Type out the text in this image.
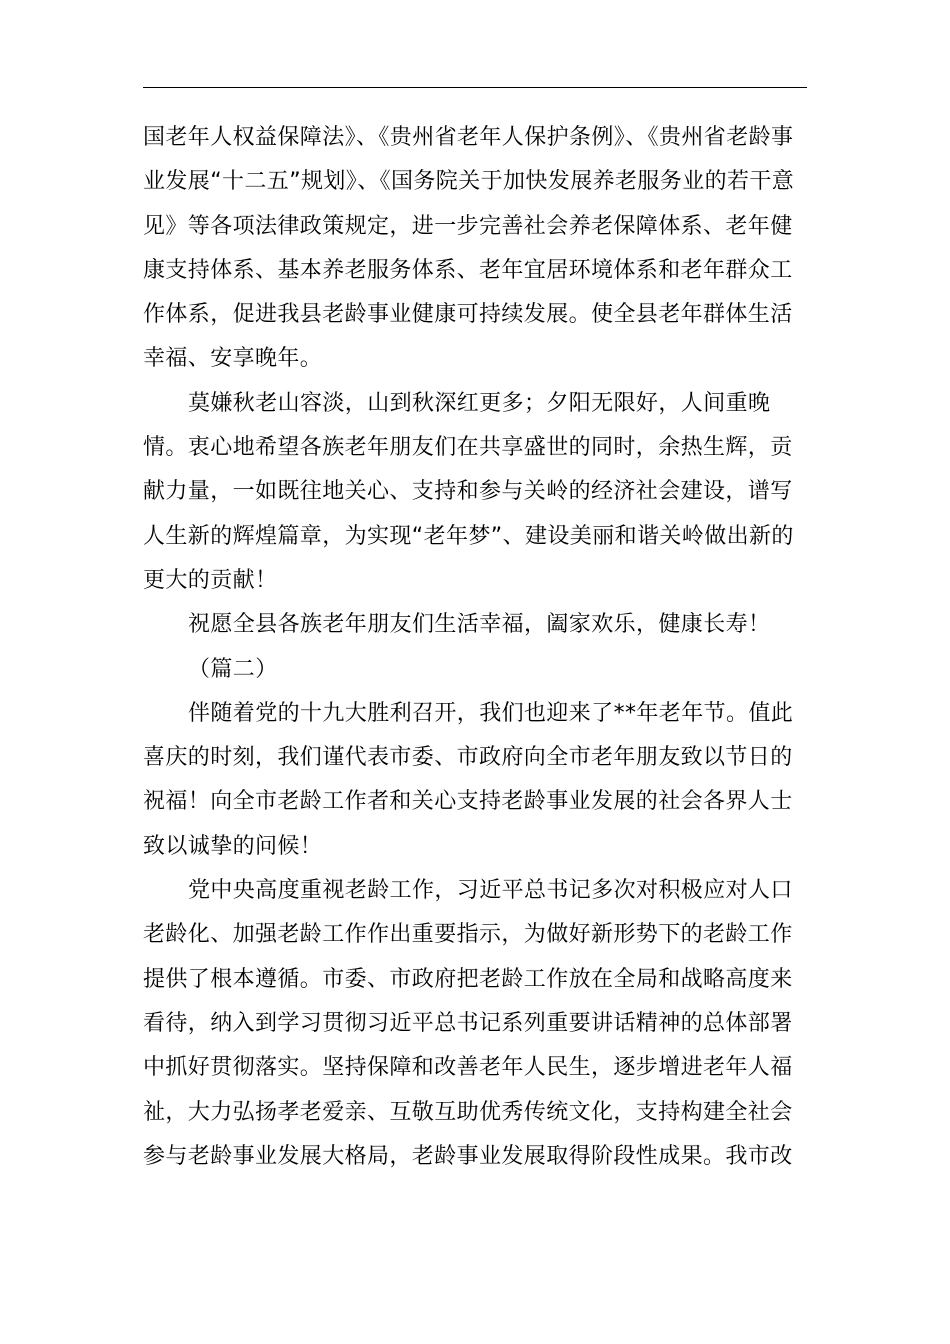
国老年人权益保障法》、《贵州省老年人保护条例》、《贵州省老龄事业发展“十二五”规划》、《国务院关于加快发展养老服务业的若干意见》等各项法律政策规定，进一步完善社会养老保障体系、老年健康支持体系、基本养老服务体系、老年宜居环境体系和老年群众工作体系，促进我县老龄事业健康可持续发展。使全县老年群体生活幸福、安享晚年。

莫嫌秋老山容淡，山到秋深红更多；夕阳无限好，人间重晚情。衷心地希望各族老年朋友们在共享盛世的同时，余热生辉，贡献力量，一如既往地关心、支持和参与关岭的经济社会建设，谱写人生新的辉煌篇章，为实现“老年梦”、建设美丽和谐关岭做出新的更大的贡献！

祝愿全县各族老年朋友们生活幸福，阖家欢乐，健康长寿！

（篇二）

伴随着党的十九大胜利召开，我们也迎来了**年老年节。值此喜庆的时刻，我们谨代表市委、市政府向全市老年朋友致以节日的祝福！向全市老龄工作者和关心支持老龄事业发展的社会各界人士致以诚挚的问候！

党中央高度重视老龄工作，习近平总书记多次对积极应对人口老龄化、加强老龄工作作出重要指示，为做好新形势下的老龄工作提供了根本遵循。市委、市政府把老龄工作放在全局和战略高度来看待，纳入到学习贯彻习近平总书记系列重要讲话精神的总体部署中抓好贯彻落实。坚持保障和改善老年人民生，逐步增进老年人福祉，大力弘扬孝老爱亲、互敬互助优秀传统文化，支持构建全社会参与老龄事业发展大格局，老龄事业发展取得阶段性成果。我市改
